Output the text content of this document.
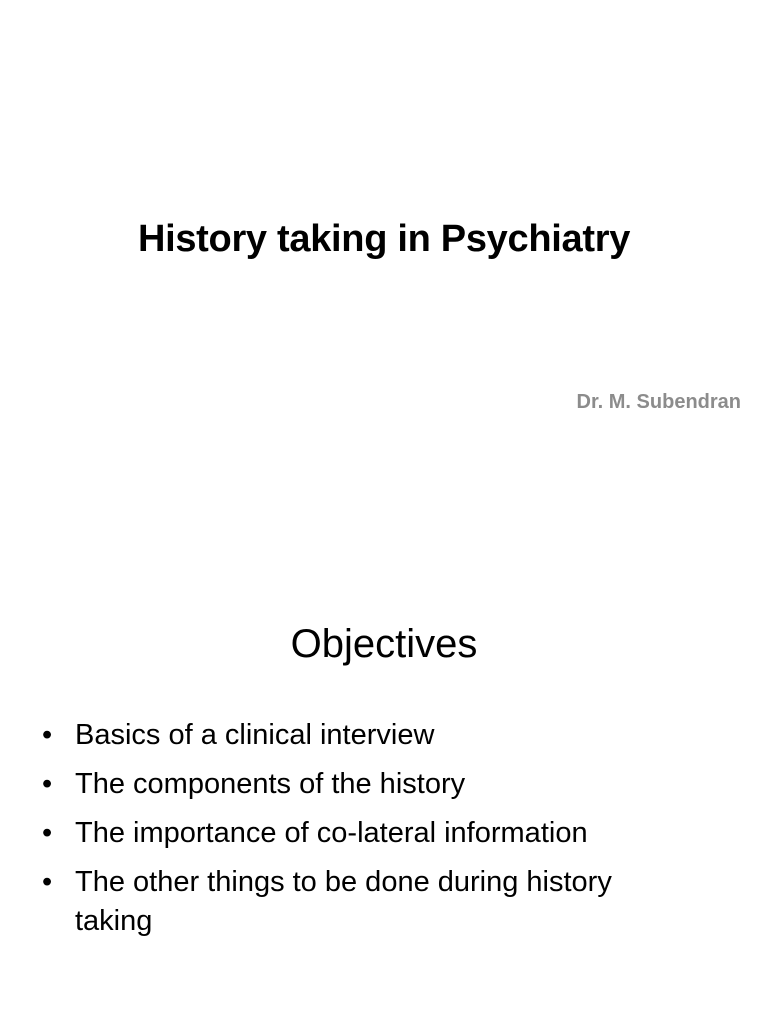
History taking in Psychiatry
Dr. M. Subendran
Objectives
• Basics of a clinical interview
• The components of the history
• The importance of co-lateral information
• The other things to be done during history taking
